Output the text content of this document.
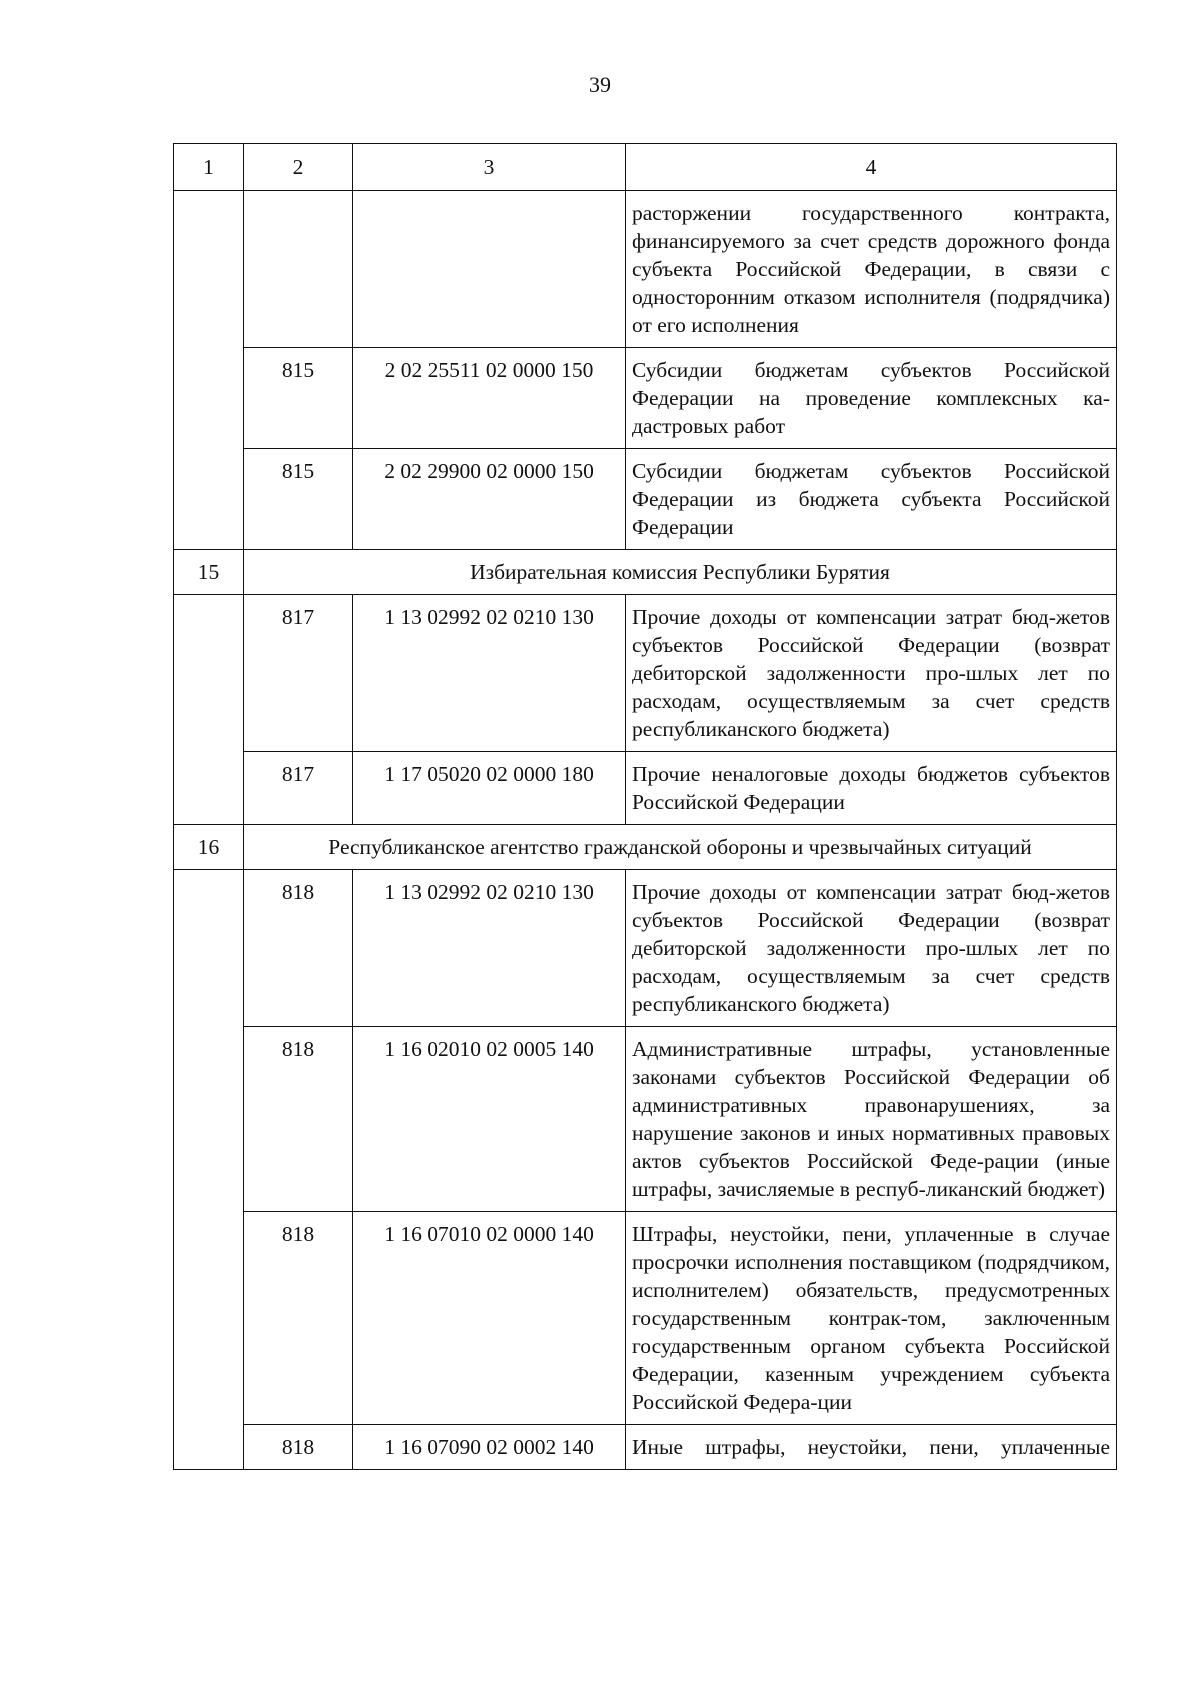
39
1	2	3	4
			расторжении государственного контракта, финансируемого за счет средств дорожного фонда субъекта Российской Федерации, в связи с односторонним отказом исполнителя (подрядчика) от его исполнения
	815	2 02 25511 02 0000 150	Субсидии бюджетам субъектов Российской Федерации на проведение комплексных ка-дастровых работ
	815	2 02 29900 02 0000 150	Субсидии бюджетам субъектов Российской Федерации из бюджета субъекта Российской Федерации
15	Избирательная комиссия Республики Бурятия		
	817	1 13 02992 02 0210 130	Прочие доходы от компенсации затрат бюд-жетов субъектов Российской Федерации (возврат дебиторской задолженности про-шлых лет по расходам, осуществляемым за счет средств республиканского бюджета)
	817	1 17 05020 02 0000 180	Прочие неналоговые доходы бюджетов субъектов Российской Федерации
16	Республиканское агентство гражданской обороны и чрезвычайных ситуаций		
	818	1 13 02992 02 0210 130	Прочие доходы от компенсации затрат бюд-жетов субъектов Российской Федерации (возврат дебиторской задолженности про-шлых лет по расходам, осуществляемым за счет средств республиканского бюджета)
	818	1 16 02010 02 0005 140	Административные штрафы, установленные законами субъектов Российской Федерации об административных правонарушениях, за нарушение законов и иных нормативных правовых актов субъектов Российской Феде-рации (иные штрафы, зачисляемые в респуб-ликанский бюджет)
	818	1 16 07010 02 0000 140	Штрафы, неустойки, пени, уплаченные в случае просрочки исполнения поставщиком (подрядчиком, исполнителем) обязательств, предусмотренных государственным контрак-том, заключенным государственным органом субъекта Российской Федерации, казенным учреждением субъекта Российской Федера-ции
	818	1 16 07090 02 0002 140	Иные штрафы, неустойки, пени, уплаченные
